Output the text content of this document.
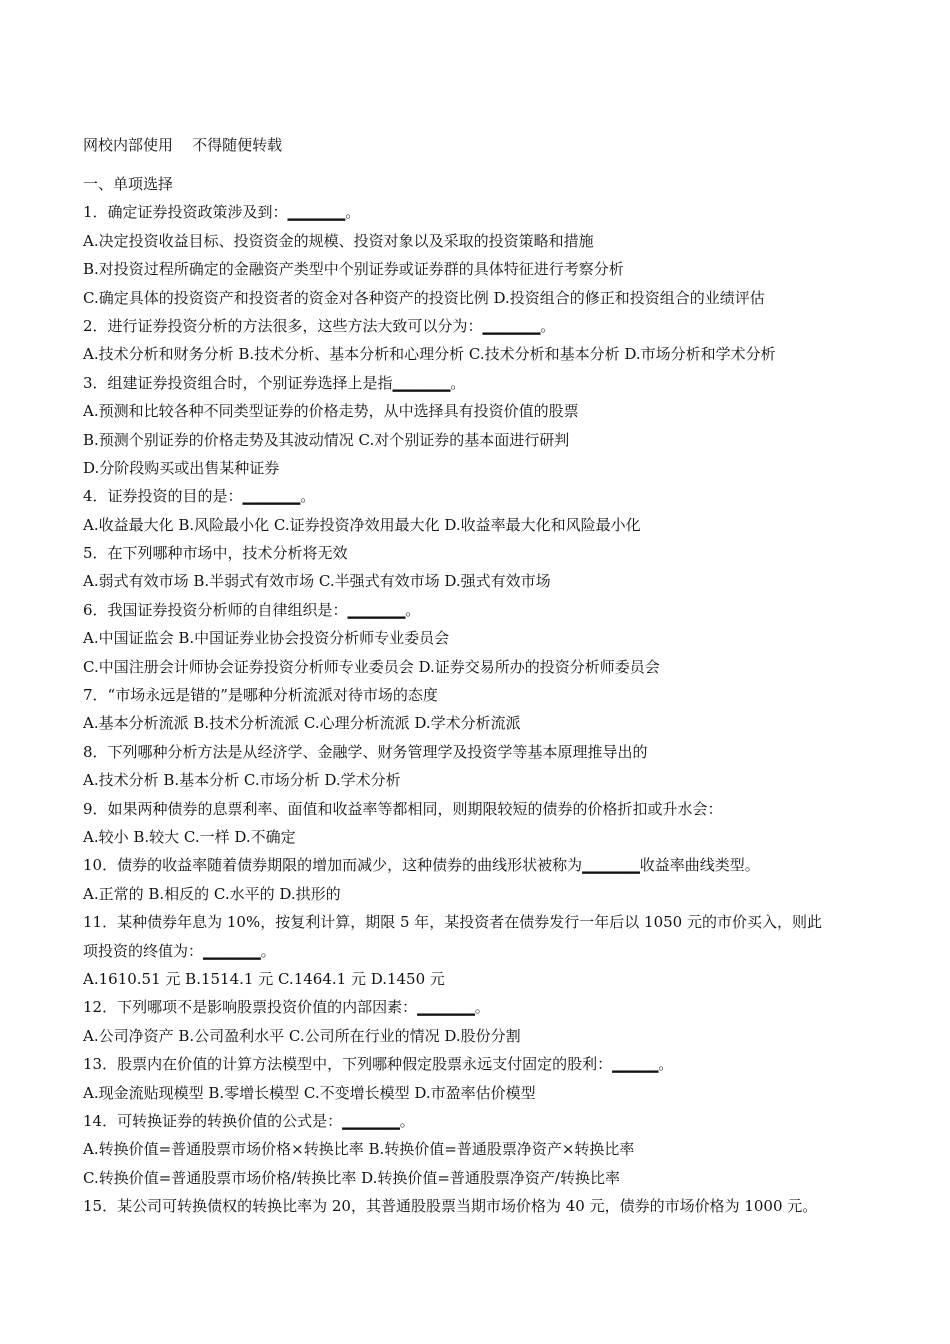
网校内部使用    不得随便转载
一、单项选择
1．确定证券投资政策涉及到：▁▁▁▁▁。
A.决定投资收益目标、投资资金的规模、投资对象以及采取的投资策略和措施
B.对投资过程所确定的金融资产类型中个别证券或证券群的具体特征进行考察分析
C.确定具体的投资资产和投资者的资金对各种资产的投资比例 D.投资组合的修正和投资组合的业绩评估
2．进行证券投资分析的方法很多，这些方法大致可以分为：▁▁▁▁▁。
A.技术分析和财务分析 B.技术分析、基本分析和心理分析 C.技术分析和基本分析 D.市场分析和学术分析
3．组建证券投资组合时，个别证券选择上是指▁▁▁▁▁。
A.预测和比较各种不同类型证券的价格走势，从中选择具有投资价值的股票
B.预测个别证券的价格走势及其波动情况 C.对个别证券的基本面进行研判
D.分阶段购买或出售某种证券
4．证券投资的目的是：▁▁▁▁▁。
A.收益最大化 B.风险最小化 C.证券投资净效用最大化 D.收益率最大化和风险最小化
5．在下列哪种市场中，技术分析将无效
A.弱式有效市场 B.半弱式有效市场 C.半强式有效市场 D.强式有效市场
6．我国证券投资分析师的自律组织是：▁▁▁▁▁。
A.中国证监会 B.中国证券业协会投资分析师专业委员会
C.中国注册会计师协会证券投资分析师专业委员会 D.证券交易所办的投资分析师委员会
7．“市场永远是错的”是哪种分析流派对待市场的态度
A.基本分析流派 B.技术分析流派 C.心理分析流派 D.学术分析流派
8．下列哪种分析方法是从经济学、金融学、财务管理学及投资学等基本原理推导出的
A.技术分析 B.基本分析 C.市场分析 D.学术分析
9．如果两种债券的息票利率、面值和收益率等都相同，则期限较短的债券的价格折扣或升水会：
A.较小 B.较大 C.一样 D.不确定
10．债券的收益率随着债券期限的增加而减少，这种债券的曲线形状被称为▁▁▁▁▁收益率曲线类型。
A.正常的 B.相反的 C.水平的 D.拱形的
11．某种债券年息为 10%，按复利计算，期限 5 年，某投资者在债券发行一年后以 1050 元的市价买入，则此
项投资的终值为：▁▁▁▁▁。
A.1610.51 元 B.1514.1 元 C.1464.1 元 D.1450 元
12．下列哪项不是影响股票投资价值的内部因素：▁▁▁▁▁。
A.公司净资产 B.公司盈利水平 C.公司所在行业的情况 D.股份分割
13．股票内在价值的计算方法模型中，下列哪种假定股票永远支付固定的股利：▁▁▁▁。
A.现金流贴现模型 B.零增长模型 C.不变增长模型 D.市盈率估价模型
14．可转换证券的转换价值的公式是：▁▁▁▁▁。
A.转换价值=普通股票市场价格×转换比率 B.转换价值=普通股票净资产×转换比率
C.转换价值=普通股票市场价格/转换比率 D.转换价值=普通股票净资产/转换比率
15．某公司可转换债权的转换比率为 20，其普通股股票当期市场价格为 40 元，债券的市场价格为 1000 元。
